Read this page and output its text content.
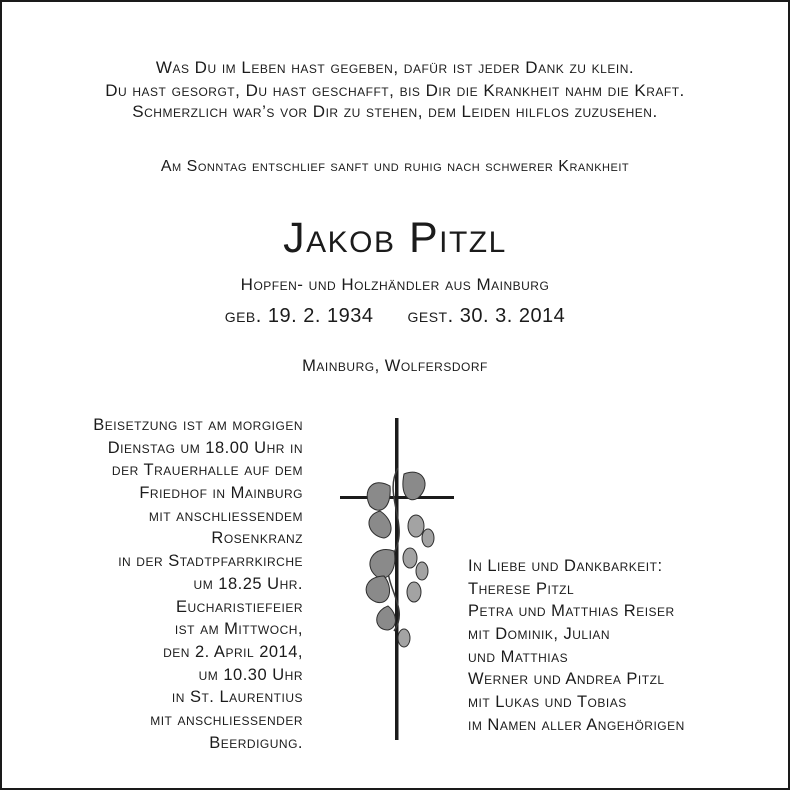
Was Du im Leben hast gegeben, dafür ist jeder Dank zu klein.
Du hast gesorgt, Du hast geschafft, bis Dir die Krankheit nahm die Kraft.
Schmerzlich war’s vor Dir zu stehen, dem Leiden hilflos zuzusehen.
Am Sonntag entschlief sanft und ruhig nach schwerer Krankheit
Jakob Pitzl
Hopfen- und Holzhändler aus Mainburg
geb. 19. 2. 1934 gest. 30. 3. 2014
Mainburg, Wolfersdorf
Beisetzung ist am morgigen
Dienstag um 18.00 Uhr in
der Trauerhalle auf dem
Friedhof in Mainburg
mit anschliessendem
Rosenkranz
in der Stadtpfarrkirche
um 18.25 Uhr.
Eucharistiefeier
ist am Mittwoch,
den 2. April 2014,
um 10.30 Uhr
in St. Laurentius
mit anschliessender
Beerdigung.
In Liebe und Dankbarkeit:
Therese Pitzl
Petra und Matthias Reiser
mit Dominik, Julian
und Matthias
Werner und Andrea Pitzl
mit Lukas und Tobias
im Namen aller Angehörigen
